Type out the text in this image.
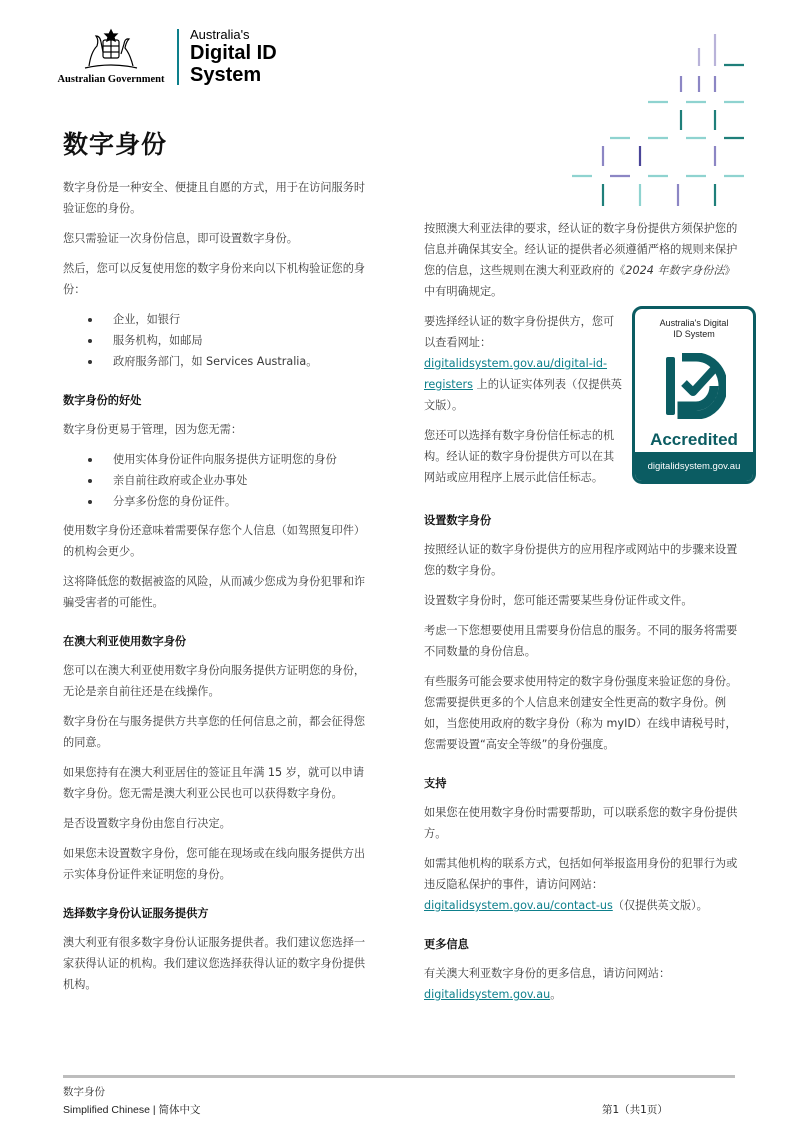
Australian Government
Australia's
Digital ID
System
数字身份

数字身份是一种安全、便捷且自愿的方式，用于在访问服务时验证您的身份。

您只需验证一次身份信息，即可设置数字身份。

然后，您可以反复使用您的数字身份来向以下机构验证您的身份：

企业，如银行
服务机构，如邮局
政府服务部门，如 Services Australia。
数字身份的好处

数字身份更易于管理，因为您无需：

使用实体身份证件向服务提供方证明您的身份
亲自前往政府或企业办事处
分享多份您的身份证件。

使用数字身份还意味着需要保存您个人信息（如驾照复印件）的机构会更少。

这将降低您的数据被盗的风险，从而减少您成为身份犯罪和诈骗受害者的可能性。

在澳大利亚使用数字身份

您可以在澳大利亚使用数字身份向服务提供方证明您的身份，无论是亲自前往还是在线操作。

数字身份在与服务提供方共享您的任何信息之前，都会征得您的同意。

如果您持有在澳大利亚居住的签证且年满 15 岁，就可以申请数字身份。您无需是澳大利亚公民也可以获得数字身份。

是否设置数字身份由您自行决定。

如果您未设置数字身份，您可能在现场或在线向服务提供方出示实体身份证件来证明您的身份。

选择数字身份认证服务提供方

澳大利亚有很多数字身份认证服务提供者。我们建议您选择一家获得认证的机构。我们建议您选择获得认证的数字身份提供机构。

按照澳大利亚法律的要求，经认证的数字身份提供方须保护您的信息并确保其安全。经认证的提供者必须遵循严格的规则来保护您的信息，这些规则在澳大利亚政府的《2024 年数字身份法》中有明确规定。

要选择经认证的数字身份提供方，您可以查看网址：digitalidsystem.gov.au/digital-id-registers 上的认证实体列表（仅提供英文版）。

您还可以选择有数字身份信任标志的机构。经认证的数字身份提供方可以在其网站或应用程序上展示此信任标志。

设置数字身份

按照经认证的数字身份提供方的应用程序或网站中的步骤来设置您的数字身份。

设置数字身份时，您可能还需要某些身份证件或文件。

考虑一下您想要使用且需要身份信息的服务。不同的服务将需要不同数量的身份信息。

有些服务可能会要求使用特定的数字身份强度来验证您的身份。您需要提供更多的个人信息来创建安全性更高的数字身份。例如，当您使用政府的数字身份（称为 myID）在线申请税号时，您需要设置“高安全等级”的身份强度。

支持

如果您在使用数字身份时需要帮助，可以联系您的数字身份提供方。

如需其他机构的联系方式，包括如何举报盗用身份的犯罪行为或违反隐私保护的事件，请访问网站：digitalidsystem.gov.au/contact-us（仅提供英文版）。

更多信息

有关澳大利亚数字身份的更多信息，请访问网站：
digitalidsystem.gov.au。

Australia's Digital
ID System
Accredited
digitalidsystem.gov.au
数字身份
Simplified Chinese | 简体中文	第1（共1页）
